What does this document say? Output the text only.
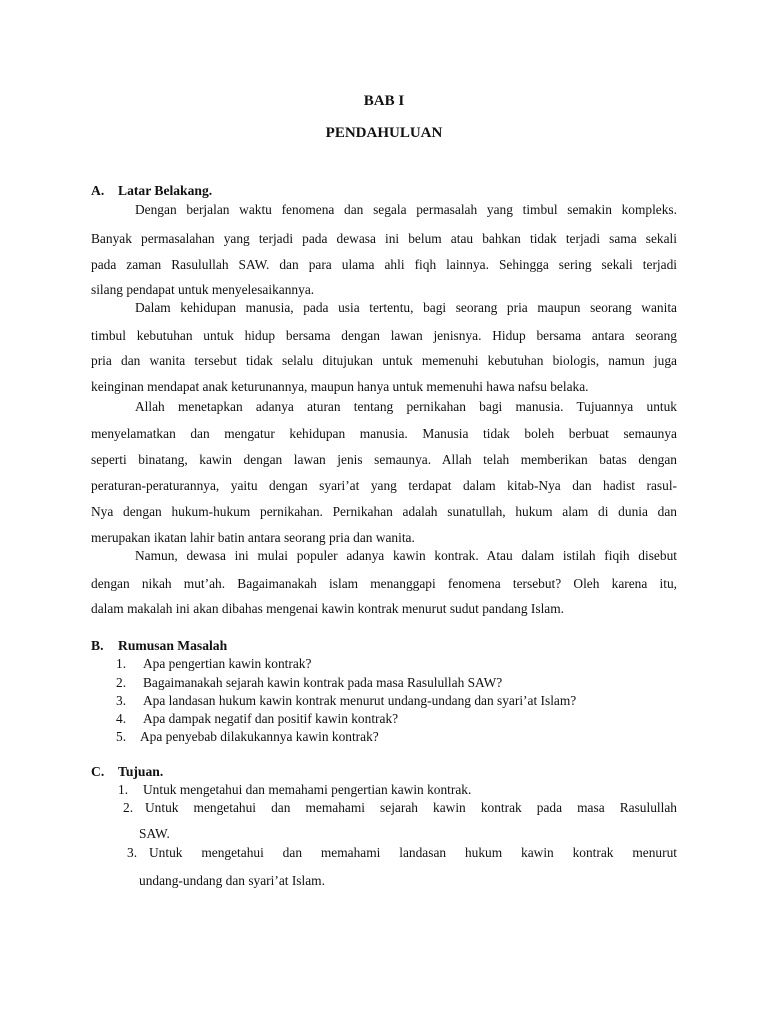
BAB I
PENDAHULUAN
A. Latar Belakang.
Dengan berjalan waktu fenomena dan segala permasalah yang timbul semakin kompleks.
Banyak permasalahan yang terjadi pada dewasa ini belum atau bahkan tidak terjadi sama sekali
pada zaman Rasulullah SAW. dan para ulama ahli fiqh lainnya. Sehingga sering sekali terjadi
silang pendapat untuk menyelesaikannya.
Dalam kehidupan manusia, pada usia tertentu, bagi seorang pria maupun seorang wanita
timbul kebutuhan untuk hidup bersama dengan lawan jenisnya. Hidup bersama antara seorang
pria dan wanita tersebut tidak selalu ditujukan untuk memenuhi kebutuhan biologis, namun juga
keinginan mendapat anak keturunannya, maupun hanya untuk memenuhi hawa nafsu belaka.
Allah menetapkan adanya aturan tentang pernikahan bagi manusia. Tujuannya untuk
menyelamatkan dan mengatur kehidupan manusia. Manusia tidak boleh berbuat semaunya
seperti binatang, kawin dengan lawan jenis semaunya. Allah telah memberikan batas dengan
peraturan-peraturannya, yaitu dengan syari’at yang terdapat dalam kitab-Nya dan hadist rasul-
Nya dengan hukum-hukum pernikahan. Pernikahan adalah sunatullah, hukum alam di dunia dan
merupakan ikatan lahir batin antara seorang pria dan wanita.
Namun, dewasa ini mulai populer adanya kawin kontrak. Atau dalam istilah fiqih disebut
dengan nikah mut’ah. Bagaimanakah islam menanggapi fenomena tersebut? Oleh karena itu,
dalam makalah ini akan dibahas mengenai kawin kontrak menurut sudut pandang Islam.
B. Rumusan Masalah
1. Apa pengertian kawin kontrak?
2. Bagaimanakah sejarah kawin kontrak pada masa Rasulullah SAW?
3. Apa landasan hukum kawin kontrak menurut undang-undang dan syari’at Islam?
4. Apa dampak negatif dan positif kawin kontrak?
5. Apa penyebab dilakukannya kawin kontrak?
C. Tujuan.
1. Untuk mengetahui dan memahami pengertian kawin kontrak.
2. Untuk mengetahui dan memahami sejarah kawin kontrak pada masa Rasulullah
SAW.
3. Untuk mengetahui dan memahami landasan hukum kawin kontrak menurut
undang-undang dan syari’at Islam.
